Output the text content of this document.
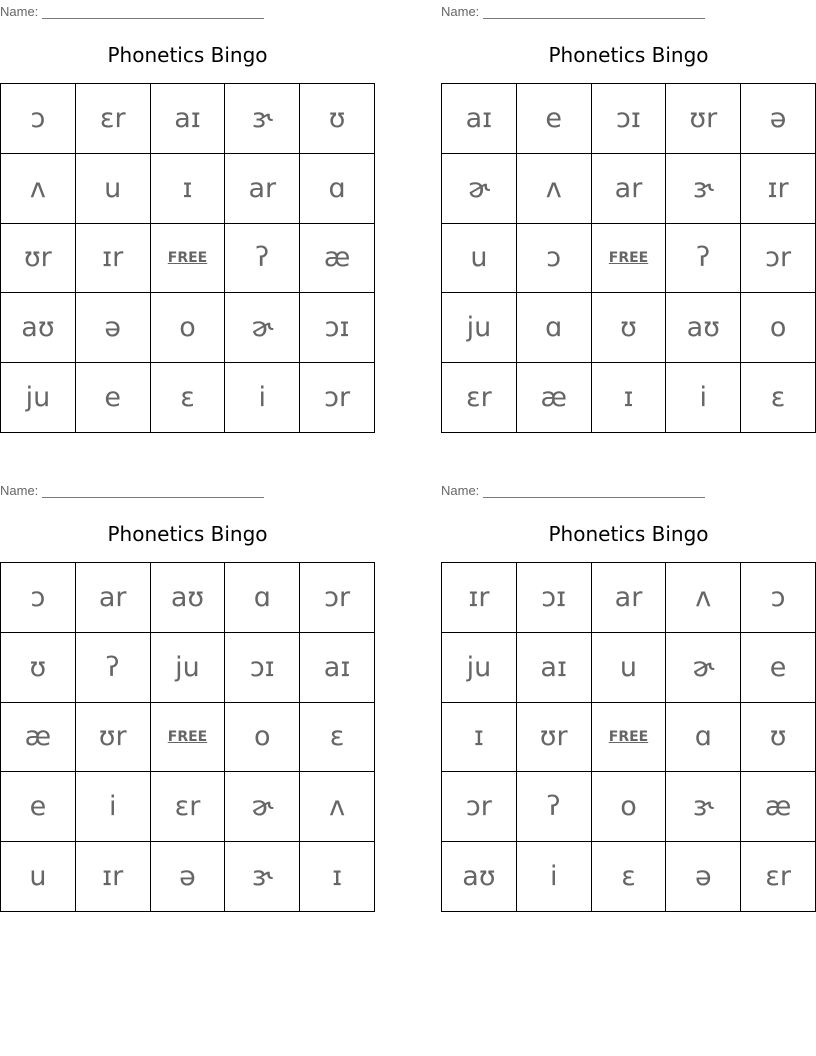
Name:
Phonetics Bingo
ɔ	ɛr	aɪ	ɝ	ʊ
ʌ	u	ɪ	ar	ɑ
ʊr	ɪr	FREE	ʔ	æ
aʊ	ə	o	ɚ	ɔɪ
ju	e	ɛ	i	ɔr
Name:
Phonetics Bingo
aɪ	e	ɔɪ	ʊr	ə
ɚ	ʌ	ar	ɝ	ɪr
u	ɔ	FREE	ʔ	ɔr
ju	ɑ	ʊ	aʊ	o
ɛr	æ	ɪ	i	ɛ
Name:
Phonetics Bingo
ɔ	ar	aʊ	ɑ	ɔr
ʊ	ʔ	ju	ɔɪ	aɪ
æ	ʊr	FREE	o	ɛ
e	i	ɛr	ɚ	ʌ
u	ɪr	ə	ɝ	ɪ
Name:
Phonetics Bingo
ɪr	ɔɪ	ar	ʌ	ɔ
ju	aɪ	u	ɚ	e
ɪ	ʊr	FREE	ɑ	ʊ
ɔr	ʔ	o	ɝ	æ
aʊ	i	ɛ	ə	ɛr
